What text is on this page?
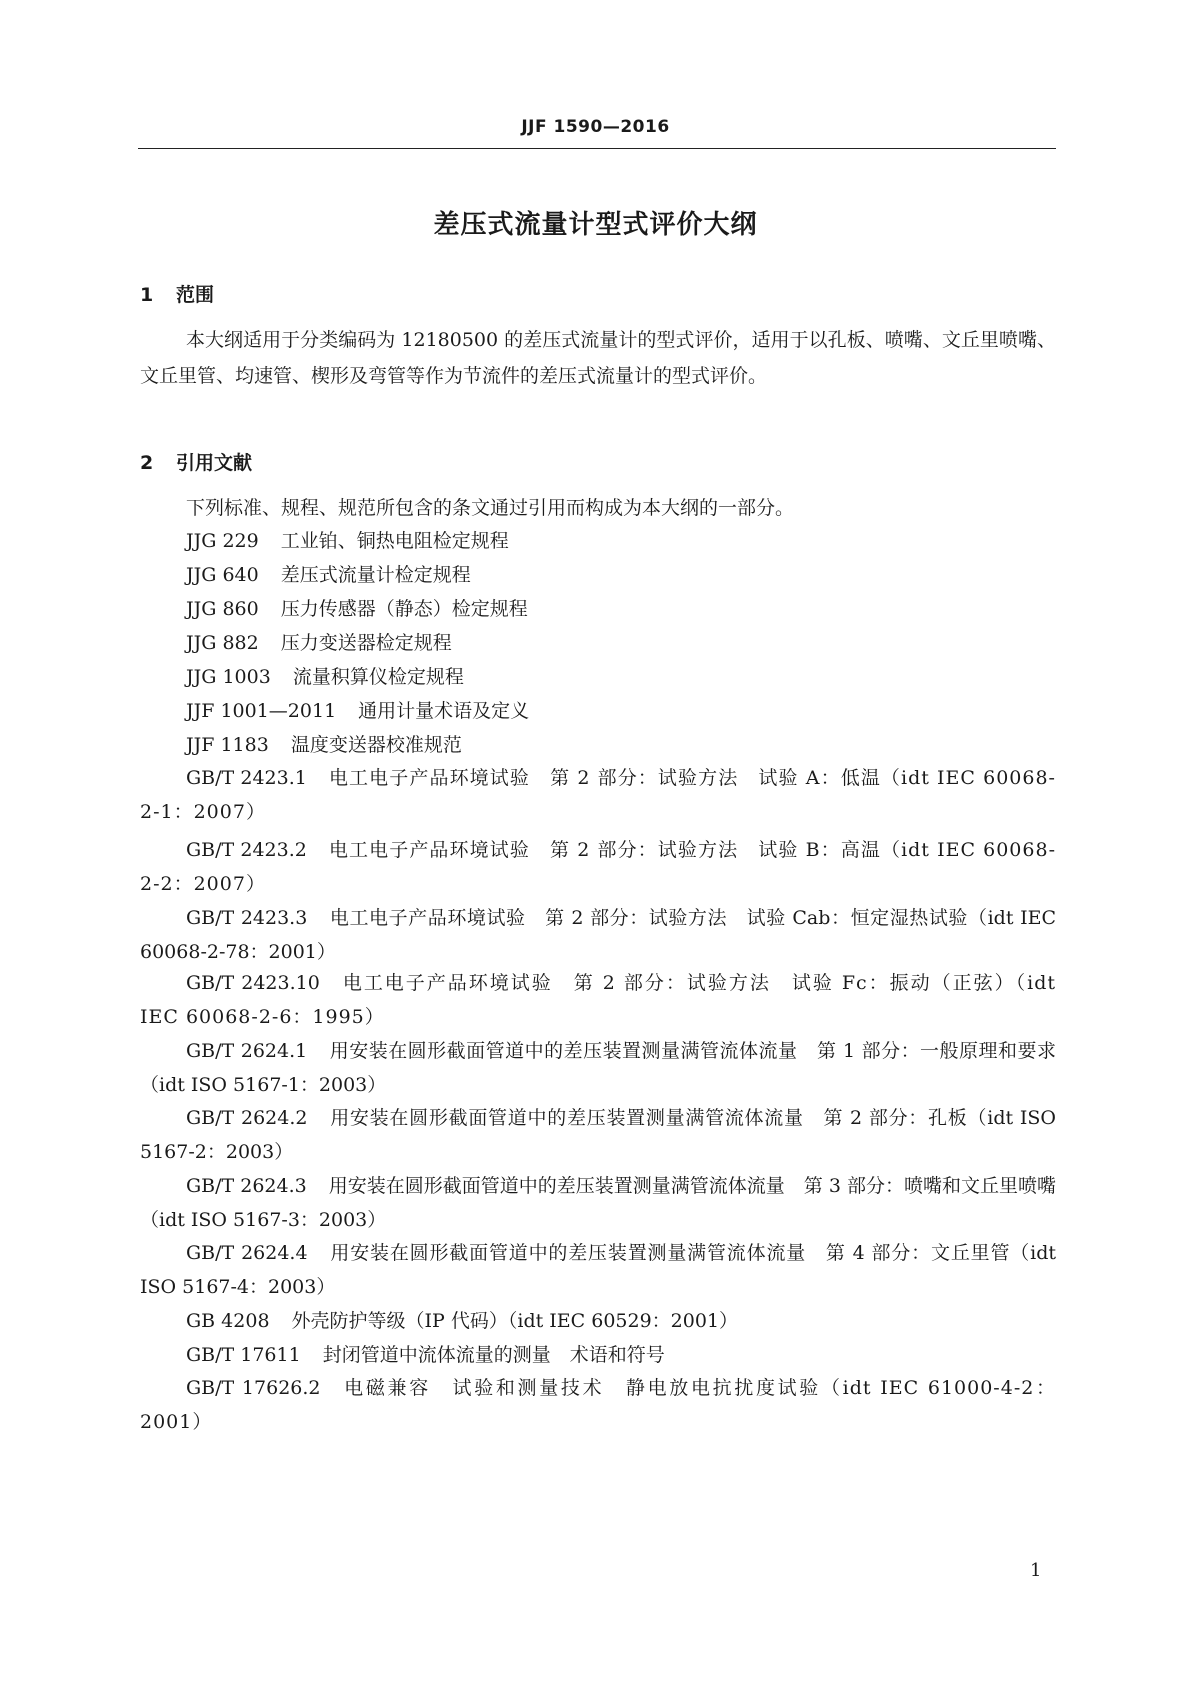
JJF 1590—2016
差压式流量计型式评价大纲
1 范围

本大纲适用于分类编码为 12180500 的差压式流量计的型式评价，适用于以孔板、喷嘴、文丘里喷嘴、文丘里管、均速管、楔形及弯管等作为节流件的差压式流量计的型式评价。

2 引用文献

下列标准、规程、规范所包含的条文通过引用而构成为本大纲的一部分。

JJG 229 工业铂、铜热电阻检定规程

JJG 640 差压式流量计检定规程

JJG 860 压力传感器（静态）检定规程

JJG 882 压力变送器检定规程

JJG 1003 流量积算仪检定规程

JJF 1001—2011 通用计量术语及定义

JJF 1183 温度变送器校准规范

GB/T 2423.1 电工电子产品环境试验　第 2 部分：试验方法　试验 A：低温（idt IEC 60068-2-1：2007）

GB/T 2423.2 电工电子产品环境试验　第 2 部分：试验方法　试验 B：高温（idt IEC 60068-2-2：2007）

GB/T 2423.3 电工电子产品环境试验　第 2 部分：试验方法　试验 Cab：恒定湿热试验（idt IEC 60068-2-78：2001）

GB/T 2423.10 电工电子产品环境试验　第 2 部分：试验方法　试验 Fc：振动（正弦）（idt IEC 60068-2-6：1995）

GB/T 2624.1 用安装在圆形截面管道中的差压装置测量满管流体流量　第 1 部分：一般原理和要求（idt ISO 5167-1：2003）

GB/T 2624.2 用安装在圆形截面管道中的差压装置测量满管流体流量　第 2 部分：孔板（idt ISO 5167-2：2003）

GB/T 2624.3 用安装在圆形截面管道中的差压装置测量满管流体流量　第 3 部分：喷嘴和文丘里喷嘴（idt ISO 5167-3：2003）

GB/T 2624.4 用安装在圆形截面管道中的差压装置测量满管流体流量　第 4 部分：文丘里管（idt ISO 5167-4：2003）

GB 4208 外壳防护等级（IP 代码）（idt IEC 60529：2001）

GB/T 17611 封闭管道中流体流量的测量　术语和符号

GB/T 17626.2 电磁兼容　试验和测量技术　静电放电抗扰度试验（idt IEC 61000-4-2：2001）

1
